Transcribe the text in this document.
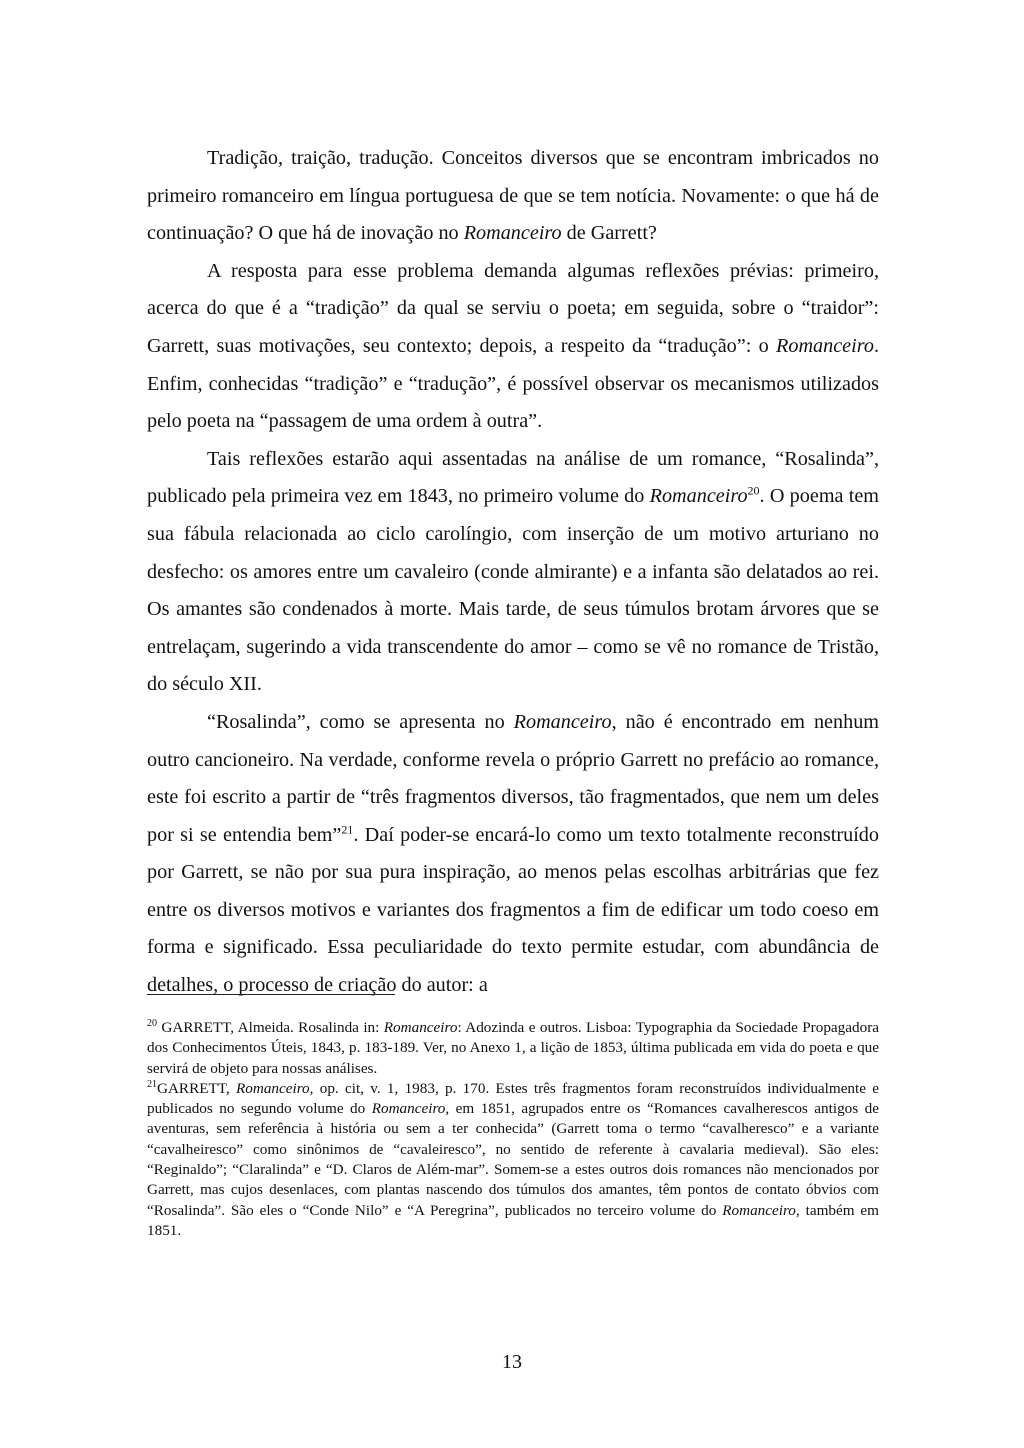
Tradição, traição, tradução. Conceitos diversos que se encontram imbricados no primeiro romanceiro em língua portuguesa de que se tem notícia. Novamente: o que há de continuação? O que há de inovação no Romanceiro de Garrett?

A resposta para esse problema demanda algumas reflexões prévias: primeiro, acerca do que é a “tradição” da qual se serviu o poeta; em seguida, sobre o “traidor”: Garrett, suas motivações, seu contexto; depois, a respeito da “tradução”: o Romanceiro. Enfim, conhecidas “tradição” e “tradução”, é possível observar os mecanismos utilizados pelo poeta na “passagem de uma ordem à outra”.

Tais reflexões estarão aqui assentadas na análise de um romance, “Rosalinda”, publicado pela primeira vez em 1843, no primeiro volume do Romanceiro$^{20}$. O poema tem sua fábula relacionada ao ciclo carolíngio, com inserção de um motivo arturiano no desfecho: os amores entre um cavaleiro (conde almirante) e a infanta são delatados ao rei. Os amantes são condenados à morte. Mais tarde, de seus túmulos brotam árvores que se entrelaçam, sugerindo a vida transcendente do amor – como se vê no romance de Tristão, do século XII.

“Rosalinda”, como se apresenta no Romanceiro, não é encontrado em nenhum outro cancioneiro. Na verdade, conforme revela o próprio Garrett no prefácio ao romance, este foi escrito a partir de “três fragmentos diversos, tão fragmentados, que nem um deles por si se entendia bem”$^{21}$. Daí poder-se encará-lo como um texto totalmente reconstruído por Garrett, se não por sua pura inspiração, ao menos pelas escolhas arbitrárias que fez entre os diversos motivos e variantes dos fragmentos a fim de edificar um todo coeso em forma e significado. Essa peculiaridade do texto permite estudar, com abundância de detalhes, o processo de criação do autor: a

$^{20}$ GARRETT, Almeida. Rosalinda in: Romanceiro: Adozinda e outros. Lisboa: Typographia da Sociedade Propagadora dos Conhecimentos Úteis, 1843, p. 183-189. Ver, no Anexo 1, a lição de 1853, última publicada em vida do poeta e que servirá de objeto para nossas análises.

$^{21}$GARRETT, Romanceiro, op. cit, v. 1, 1983, p. 170. Estes três fragmentos foram reconstruídos individualmente e publicados no segundo volume do Romanceiro, em 1851, agrupados entre os “Romances cavalherescos antigos de aventuras, sem referência à história ou sem a ter conhecida” (Garrett toma o termo “cavalheresco” e a variante “cavalheiresco” como sinônimos de “cavaleiresco”, no sentido de referente à cavalaria medieval). São eles: “Reginaldo”; “Claralinda” e “D. Claros de Além-mar”. Somem-se a estes outros dois romances não mencionados por Garrett, mas cujos desenlaces, com plantas nascendo dos túmulos dos amantes, têm pontos de contato óbvios com “Rosalinda”. São eles o “Conde Nilo” e “A Peregrina”, publicados no terceiro volume do Romanceiro, também em 1851.

13
